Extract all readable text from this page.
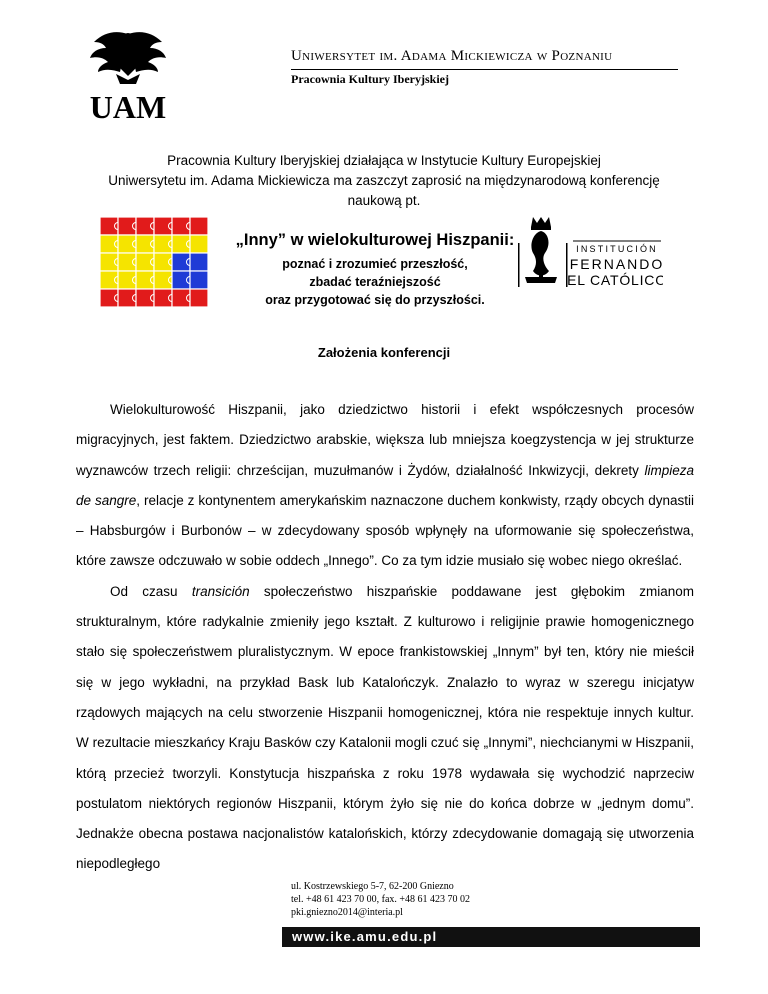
UAM
Uniwersytet im. Adama Mickiewicza w Poznaniu
Pracownia Kultury Iberyjskiej
Pracownia Kultury Iberyjskiej działająca w Instytucie Kultury Europejskiej
Uniwersytetu im. Adama Mickiewicza ma zaszczyt zaprosić na międzynarodową konferencję
naukową pt.
„Inny” w wielokulturowej Hiszpanii:
poznać i zrozumieć przeszłość,
zbadać teraźniejszość
oraz przygotować się do przyszłości.
INSTITUCIÓN
FERNANDO
EL CATÓLICO
Założenia konferencji

Wielokulturowość Hiszpanii, jako dziedzictwo historii i efekt współczesnych procesów migracyjnych, jest faktem. Dziedzictwo arabskie, większa lub mniejsza koegzystencja w jej strukturze wyznawców trzech religii: chrześcijan, muzułmanów i Żydów, działalność Inkwizycji, dekrety limpieza de sangre, relacje z kontynentem amerykańskim naznaczone duchem konkwisty, rządy obcych dynastii – Habsburgów i Burbonów – w zdecydowany sposób wpłynęły na uformowanie się społeczeństwa, które zawsze odczuwało w sobie oddech „Innego”. Co za tym idzie musiało się wobec niego określać.

Od czasu transición społeczeństwo hiszpańskie poddawane jest głębokim zmianom strukturalnym, które radykalnie zmieniły jego kształt. Z kulturowo i religijnie prawie homogenicznego stało się społeczeństwem pluralistycznym. W epoce frankistowskiej „Innym” był ten, który nie mieścił się w jego wykładni, na przykład Bask lub Katalończyk. Znalazło to wyraz w szeregu inicjatyw rządowych mających na celu stworzenie Hiszpanii homogenicznej, która nie respektuje innych kultur. W rezultacie mieszkańcy Kraju Basków czy Katalonii mogli czuć się „Innymi”, niechcianymi w Hiszpanii, którą przecież tworzyli. Konstytucja hiszpańska z roku 1978 wydawała się wychodzić naprzeciw postulatom niektórych regionów Hiszpanii, którym żyło się nie do końca dobrze w „jednym domu”. Jednakże obecna postawa nacjonalistów katalońskich, którzy zdecydowanie domagają się utworzenia niepodległego

ul. Kostrzewskiego 5-7, 62-200 Gniezno
tel. +48 61 423 70 00, fax. +48 61 423 70 02
pki.gniezno2014@interia.pl
www.ike.amu.edu.pl
